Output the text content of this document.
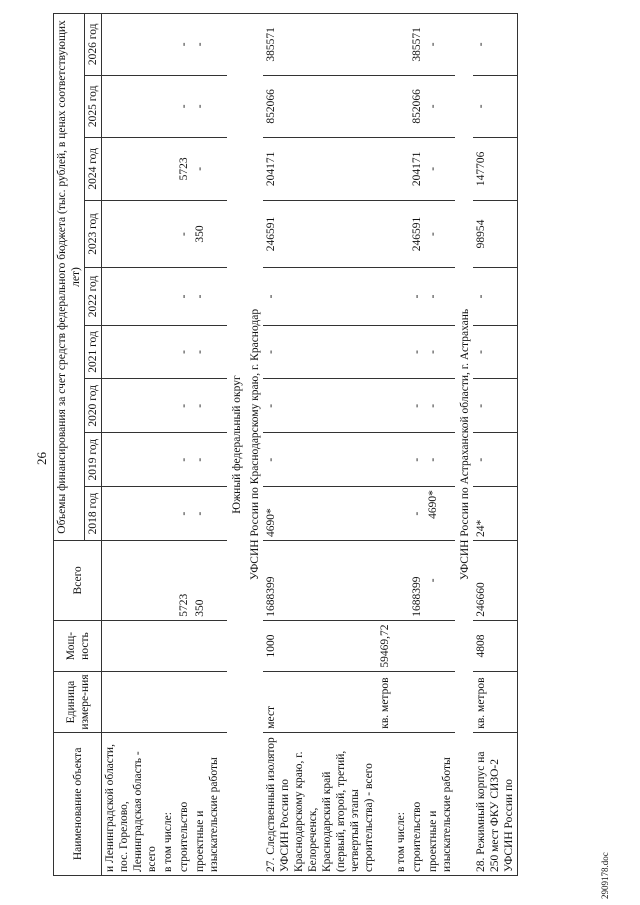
26
Наименование объекта	Единица измере-ния	Мощ-ность	Всего	Объемы финансирования за счет средств федерального бюджета (тыс. рублей, в ценах соответствующих лет)								
				2018 год	2019 год	2020 год	2021 год	2022 год	2023 год	2024 год	2025 год	2026 год
и Ленинградской области, пос. Горелово, Ленинградская область - всего												
в том числе:												
строительство			5723	-	-	-	-	-	-	5723	-	-
проектные и изыскательские работы			350	-	-	-	-	-	350	-	-	-

Южный федеральный округ												
УФСИН России по Краснодарскому краю, г. Краснодар												
27. Следственный изолятор УФСИН России по Краснодарскому краю, г. Белореченск, Краснодарский край (первый, второй, третий, четвертый этапы строительства) - всего	мест	1000	1688399	4690*	-	-	-	-	246591	204171	852066	385571
	кв. метров	59469,72										
в том числе:												
строительство			1688399	-	-	-	-	-	246591	204171	852066	385571
проектные и изыскательские работы			-	4690*	-	-	-	-	-	-	-	-
УФСИН России по Астраханской области, г. Астрахань												
28. Режимный корпус на 250 мест ФКУ СИЗО-2 УФСИН России по	кв. метров	4808	246660	24*	-	-	-	-	98954	147706	-	-
2909178.doc
